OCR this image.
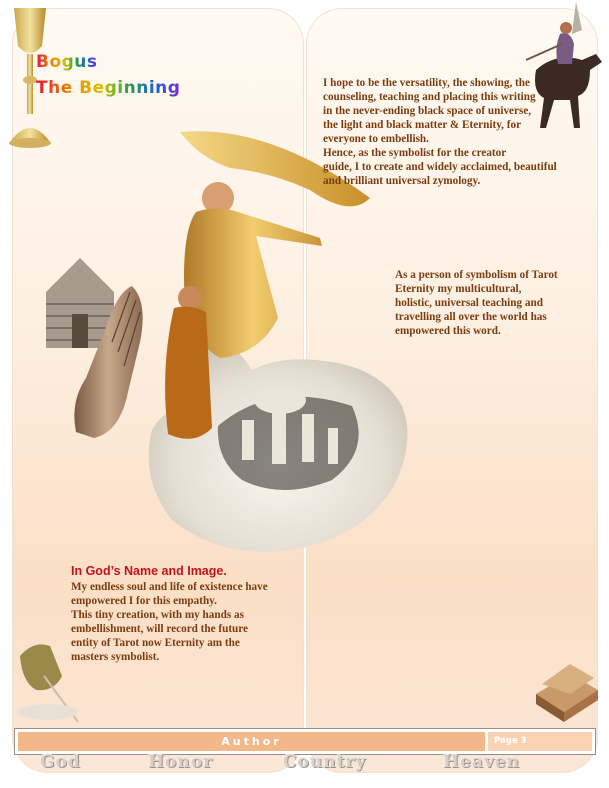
Bogus
The Beginning	I hope to be the versatility, the showing, the
counseling, teaching and placing this writing
in the never-ending black space of universe,
the light and black matter & Eternity, for
everyone to embellish.
Hence, as the symbolist for the creator
guide, I to create and widely acclaimed, beautiful
and brilliant universal zymology.
As a person of symbolism of Tarot
Eternity my multicultural,
holistic, universal teaching and
travelling all over the world has
empowered this word.
In God’s Name and Image.
My endless soul and life of existence have
empowered I for this empathy.
This tiny creation, with my hands as
embellishment, will record the future
entity of Tarot now Eternity am the
masters symbolist.
Author	Page 3
God	Honor	Country	Heaven
